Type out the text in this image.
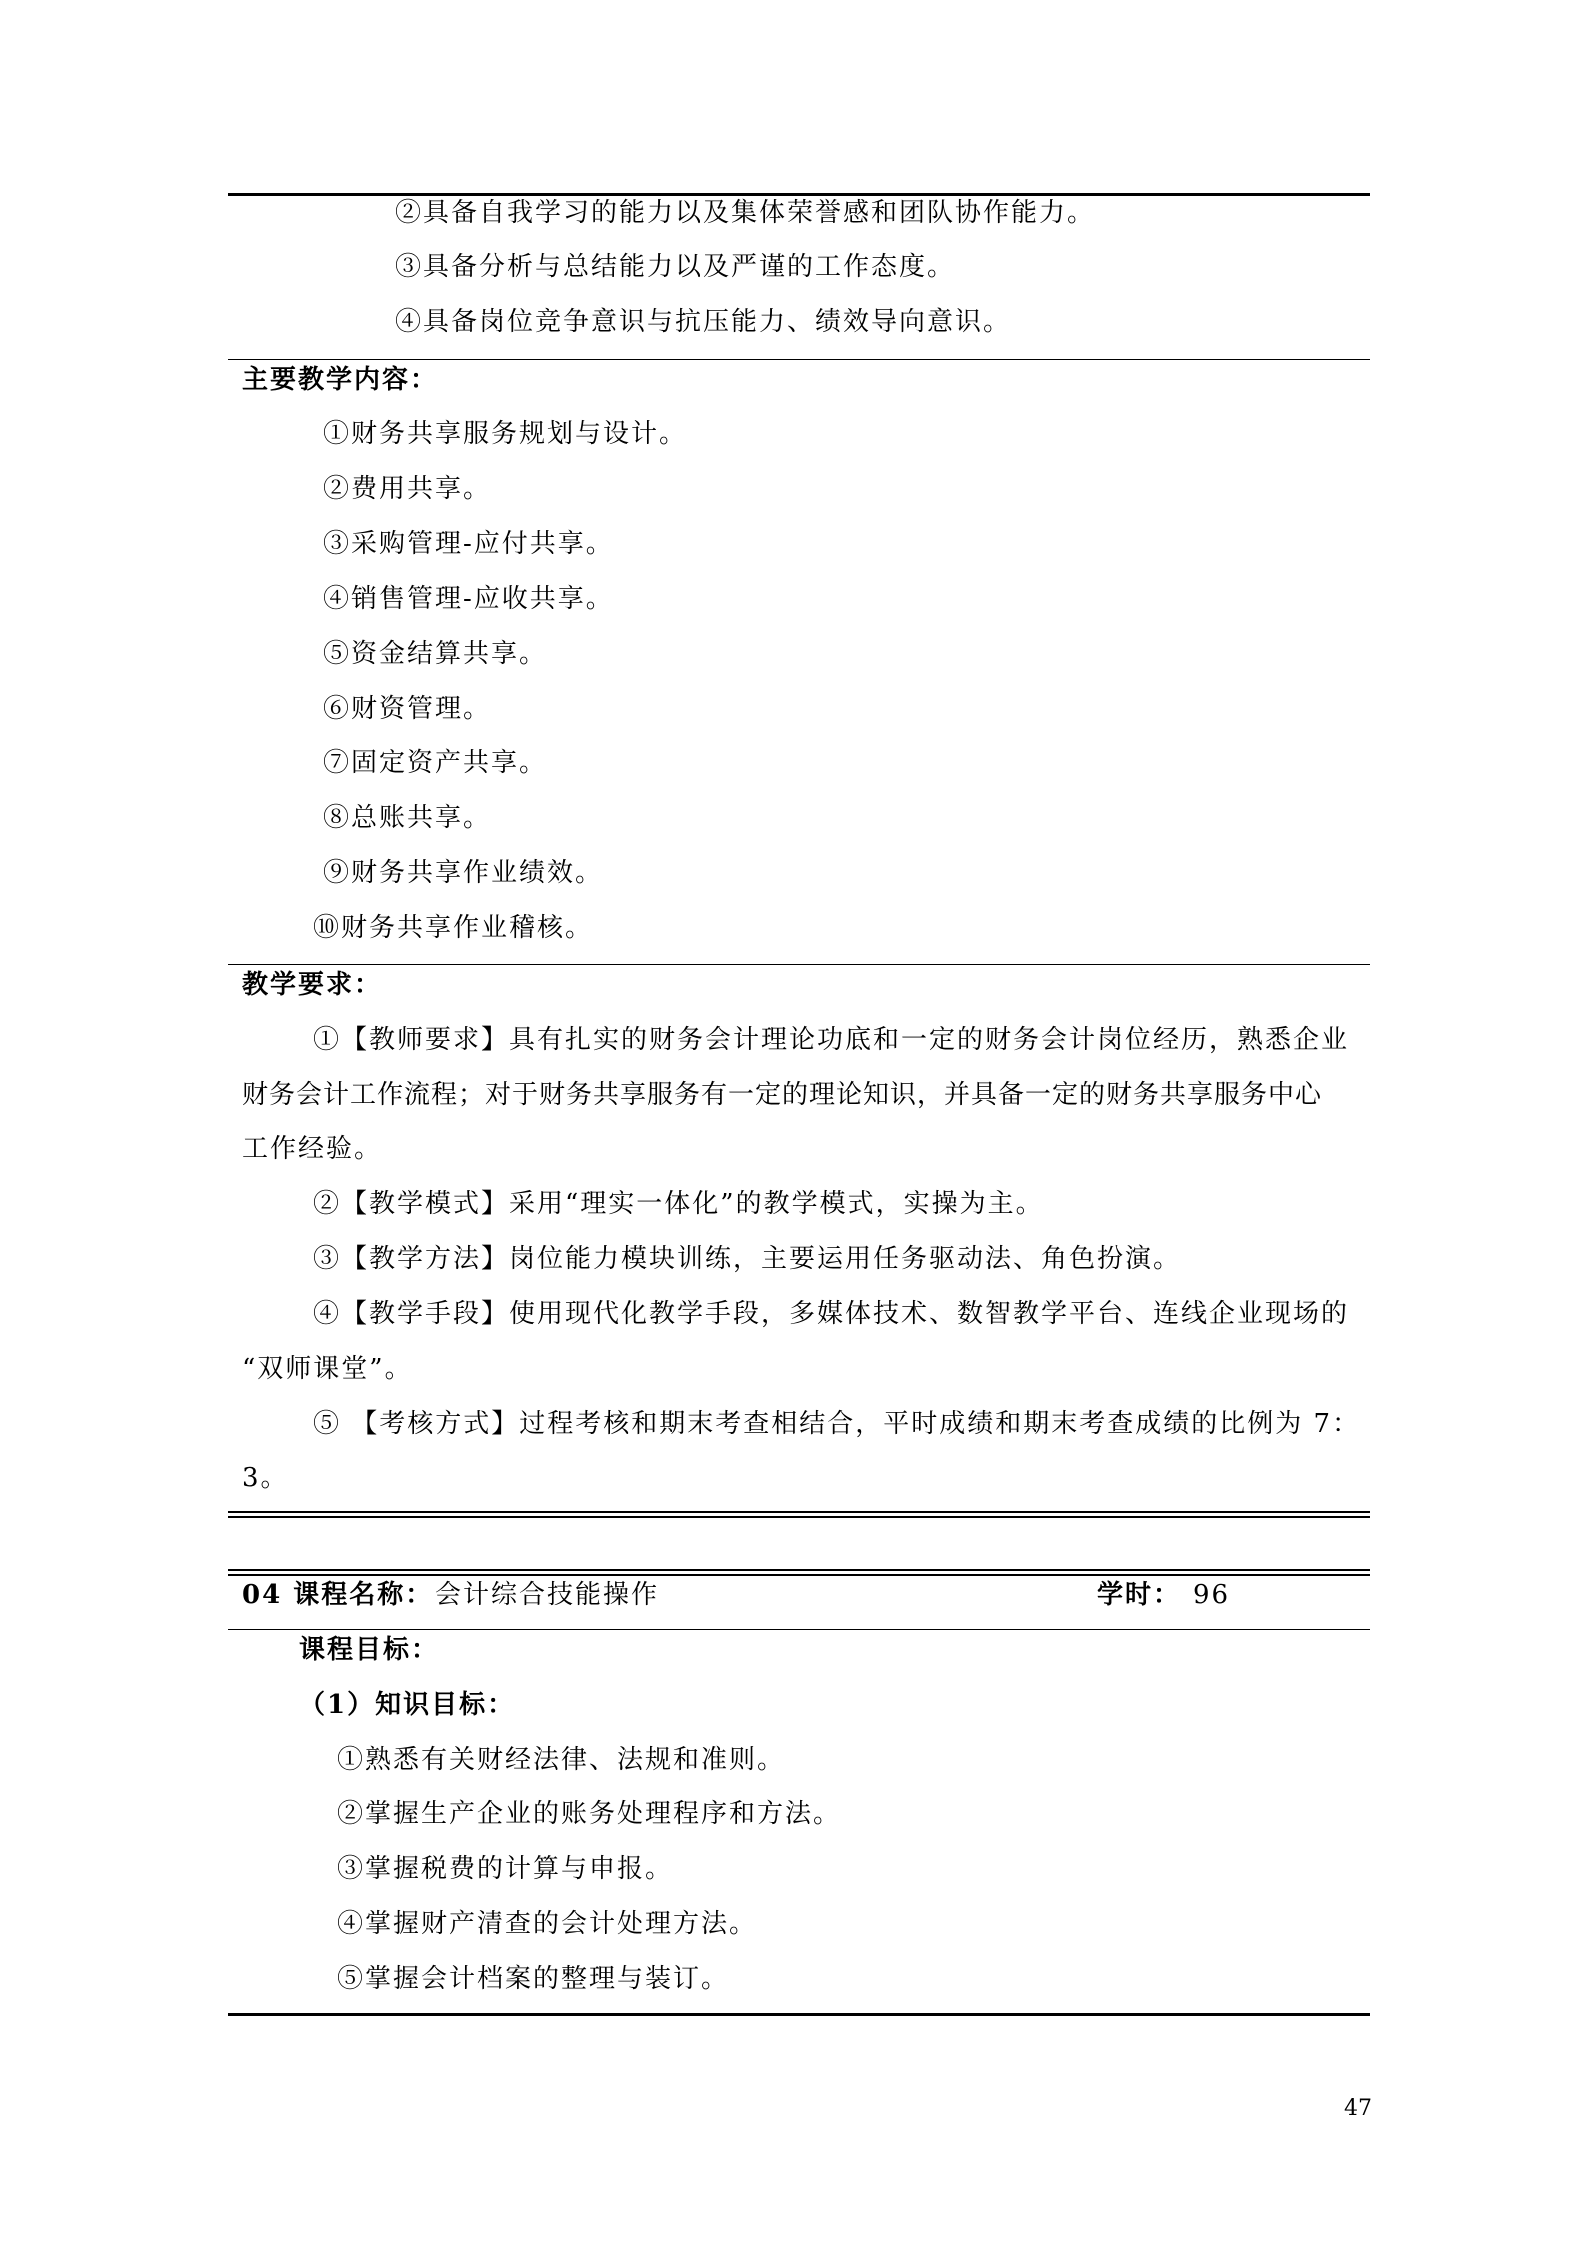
②具备自我学习的能力以及集体荣誉感和团队协作能力。
③具备分析与总结能力以及严谨的工作态度。
④具备岗位竞争意识与抗压能力、绩效导向意识。
主要教学内容：
①财务共享服务规划与设计。
②费用共享。
③采购管理-应付共享。
④销售管理-应收共享。
⑤资金结算共享。
⑥财资管理。
⑦固定资产共享。
⑧总账共享。
⑨财务共享作业绩效。
⑩财务共享作业稽核。
教学要求：
①【教师要求】具有扎实的财务会计理论功底和一定的财务会计岗位经历，熟悉企业
财务会计工作流程；对于财务共享服务有一定的理论知识，并具备一定的财务共享服务中心
工作经验。
②【教学模式】采用“理实一体化”的教学模式，实操为主。
③【教学方法】岗位能力模块训练，主要运用任务驱动法、角色扮演。
④【教学手段】使用现代化教学手段，多媒体技术、数智教学平台、连线企业现场的
“双师课堂”。
⑤ 【考核方式】过程考核和期末考查相结合，平时成绩和期末考查成绩的比例为 7：
3。
04 课程名称： 会计综合技能操作	学时： 96
课程目标：
（1）知识目标：
①熟悉有关财经法律、法规和准则。
②掌握生产企业的账务处理程序和方法。
③掌握税费的计算与申报。
④掌握财产清查的会计处理方法。
⑤掌握会计档案的整理与装订。
47
